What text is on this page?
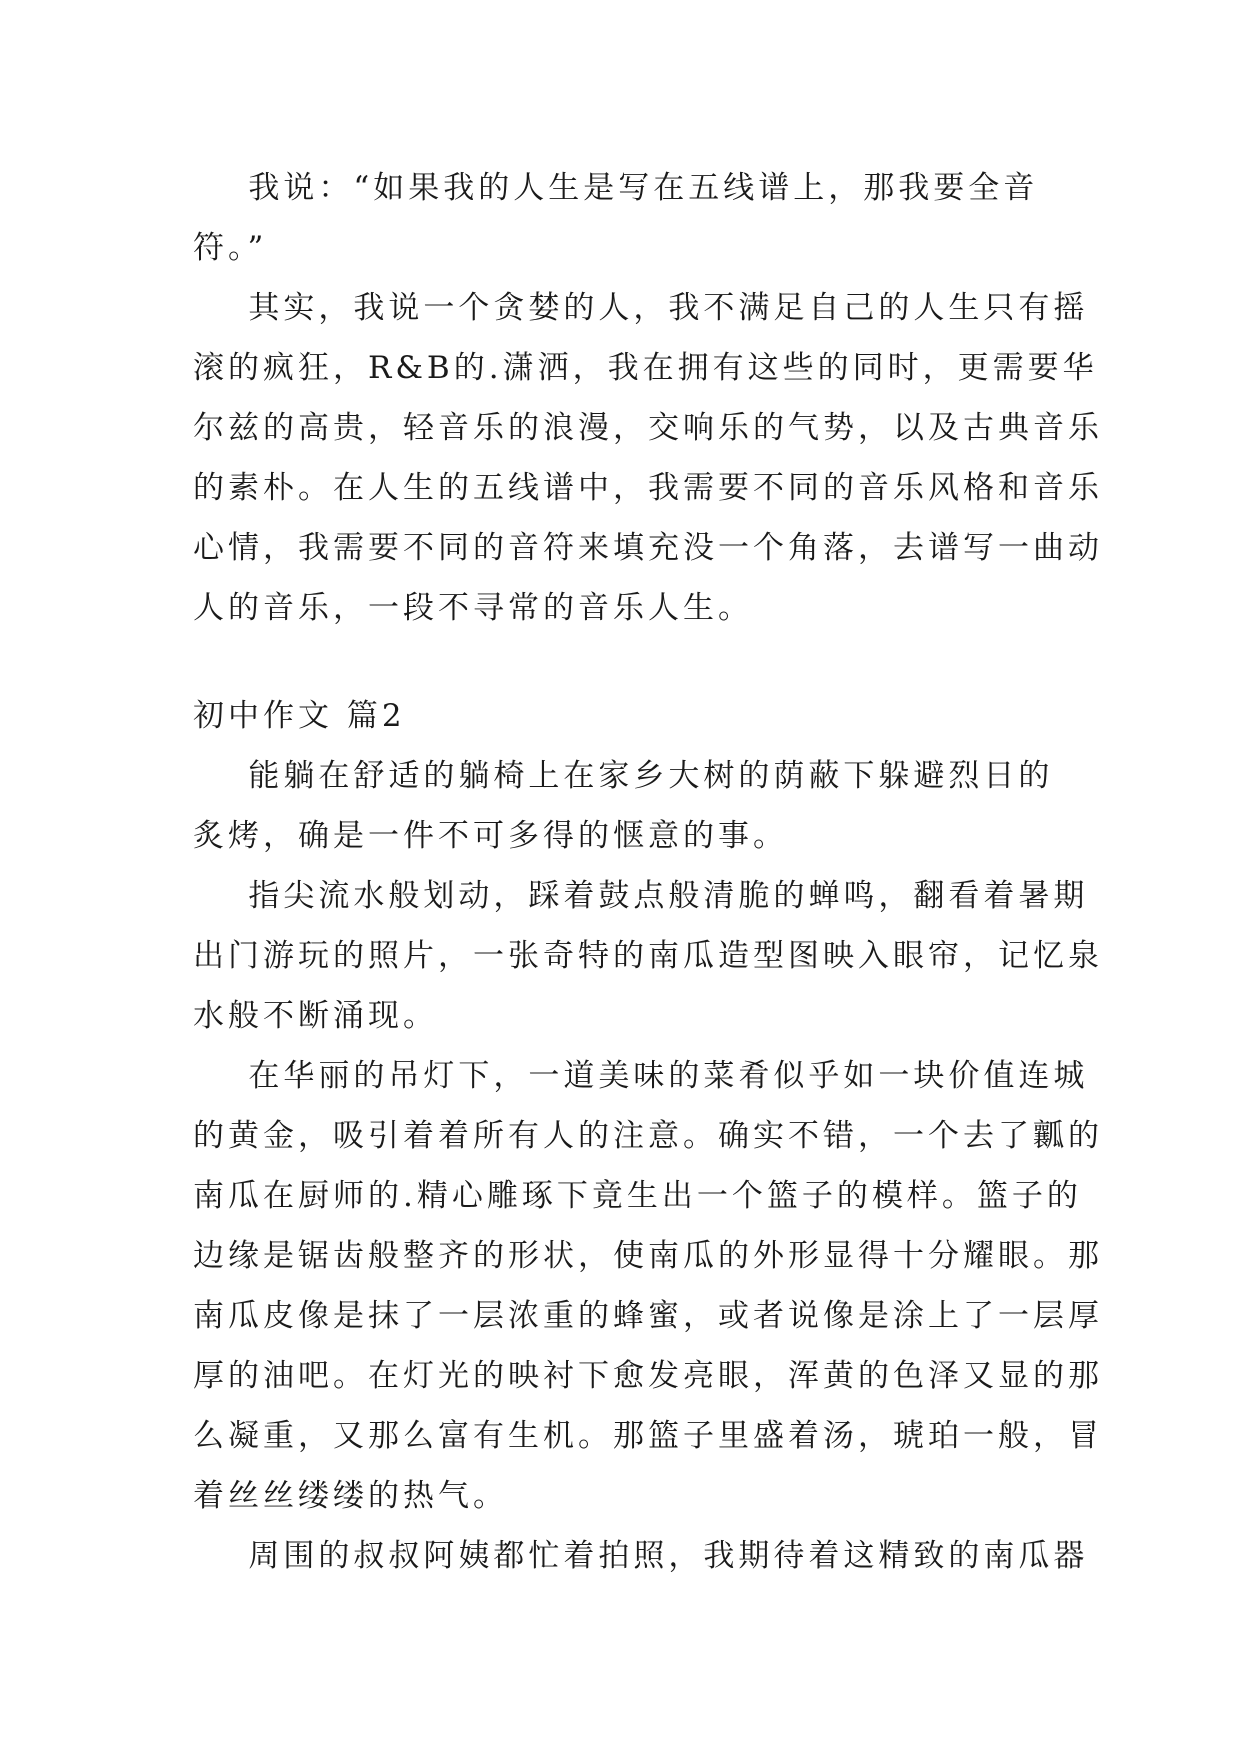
我说：“如果我的人生是写在五线谱上，那我要全音
符。”
其实，我说一个贪婪的人，我不满足自己的人生只有摇
滚的疯狂，R&B的.潇洒，我在拥有这些的同时，更需要华
尔兹的高贵，轻音乐的浪漫，交响乐的气势，以及古典音乐
的素朴。在人生的五线谱中，我需要不同的音乐风格和音乐
心情，我需要不同的音符来填充没一个角落，去谱写一曲动
人的音乐，一段不寻常的音乐人生。
初中作文 篇2
能躺在舒适的躺椅上在家乡大树的荫蔽下躲避烈日的
炙烤，确是一件不可多得的惬意的事。
指尖流水般划动，踩着鼓点般清脆的蝉鸣，翻看着暑期
出门游玩的照片，一张奇特的南瓜造型图映入眼帘，记忆泉
水般不断涌现。
在华丽的吊灯下，一道美味的菜肴似乎如一块价值连城
的黄金，吸引着着所有人的注意。确实不错，一个去了瓤的
南瓜在厨师的.精心雕琢下竟生出一个篮子的模样。篮子的
边缘是锯齿般整齐的形状，使南瓜的外形显得十分耀眼。那
南瓜皮像是抹了一层浓重的蜂蜜，或者说像是涂上了一层厚
厚的油吧。在灯光的映衬下愈发亮眼，浑黄的色泽又显的那
么凝重，又那么富有生机。那篮子里盛着汤，琥珀一般，冒
着丝丝缕缕的热气。
周围的叔叔阿姨都忙着拍照，我期待着这精致的南瓜器
